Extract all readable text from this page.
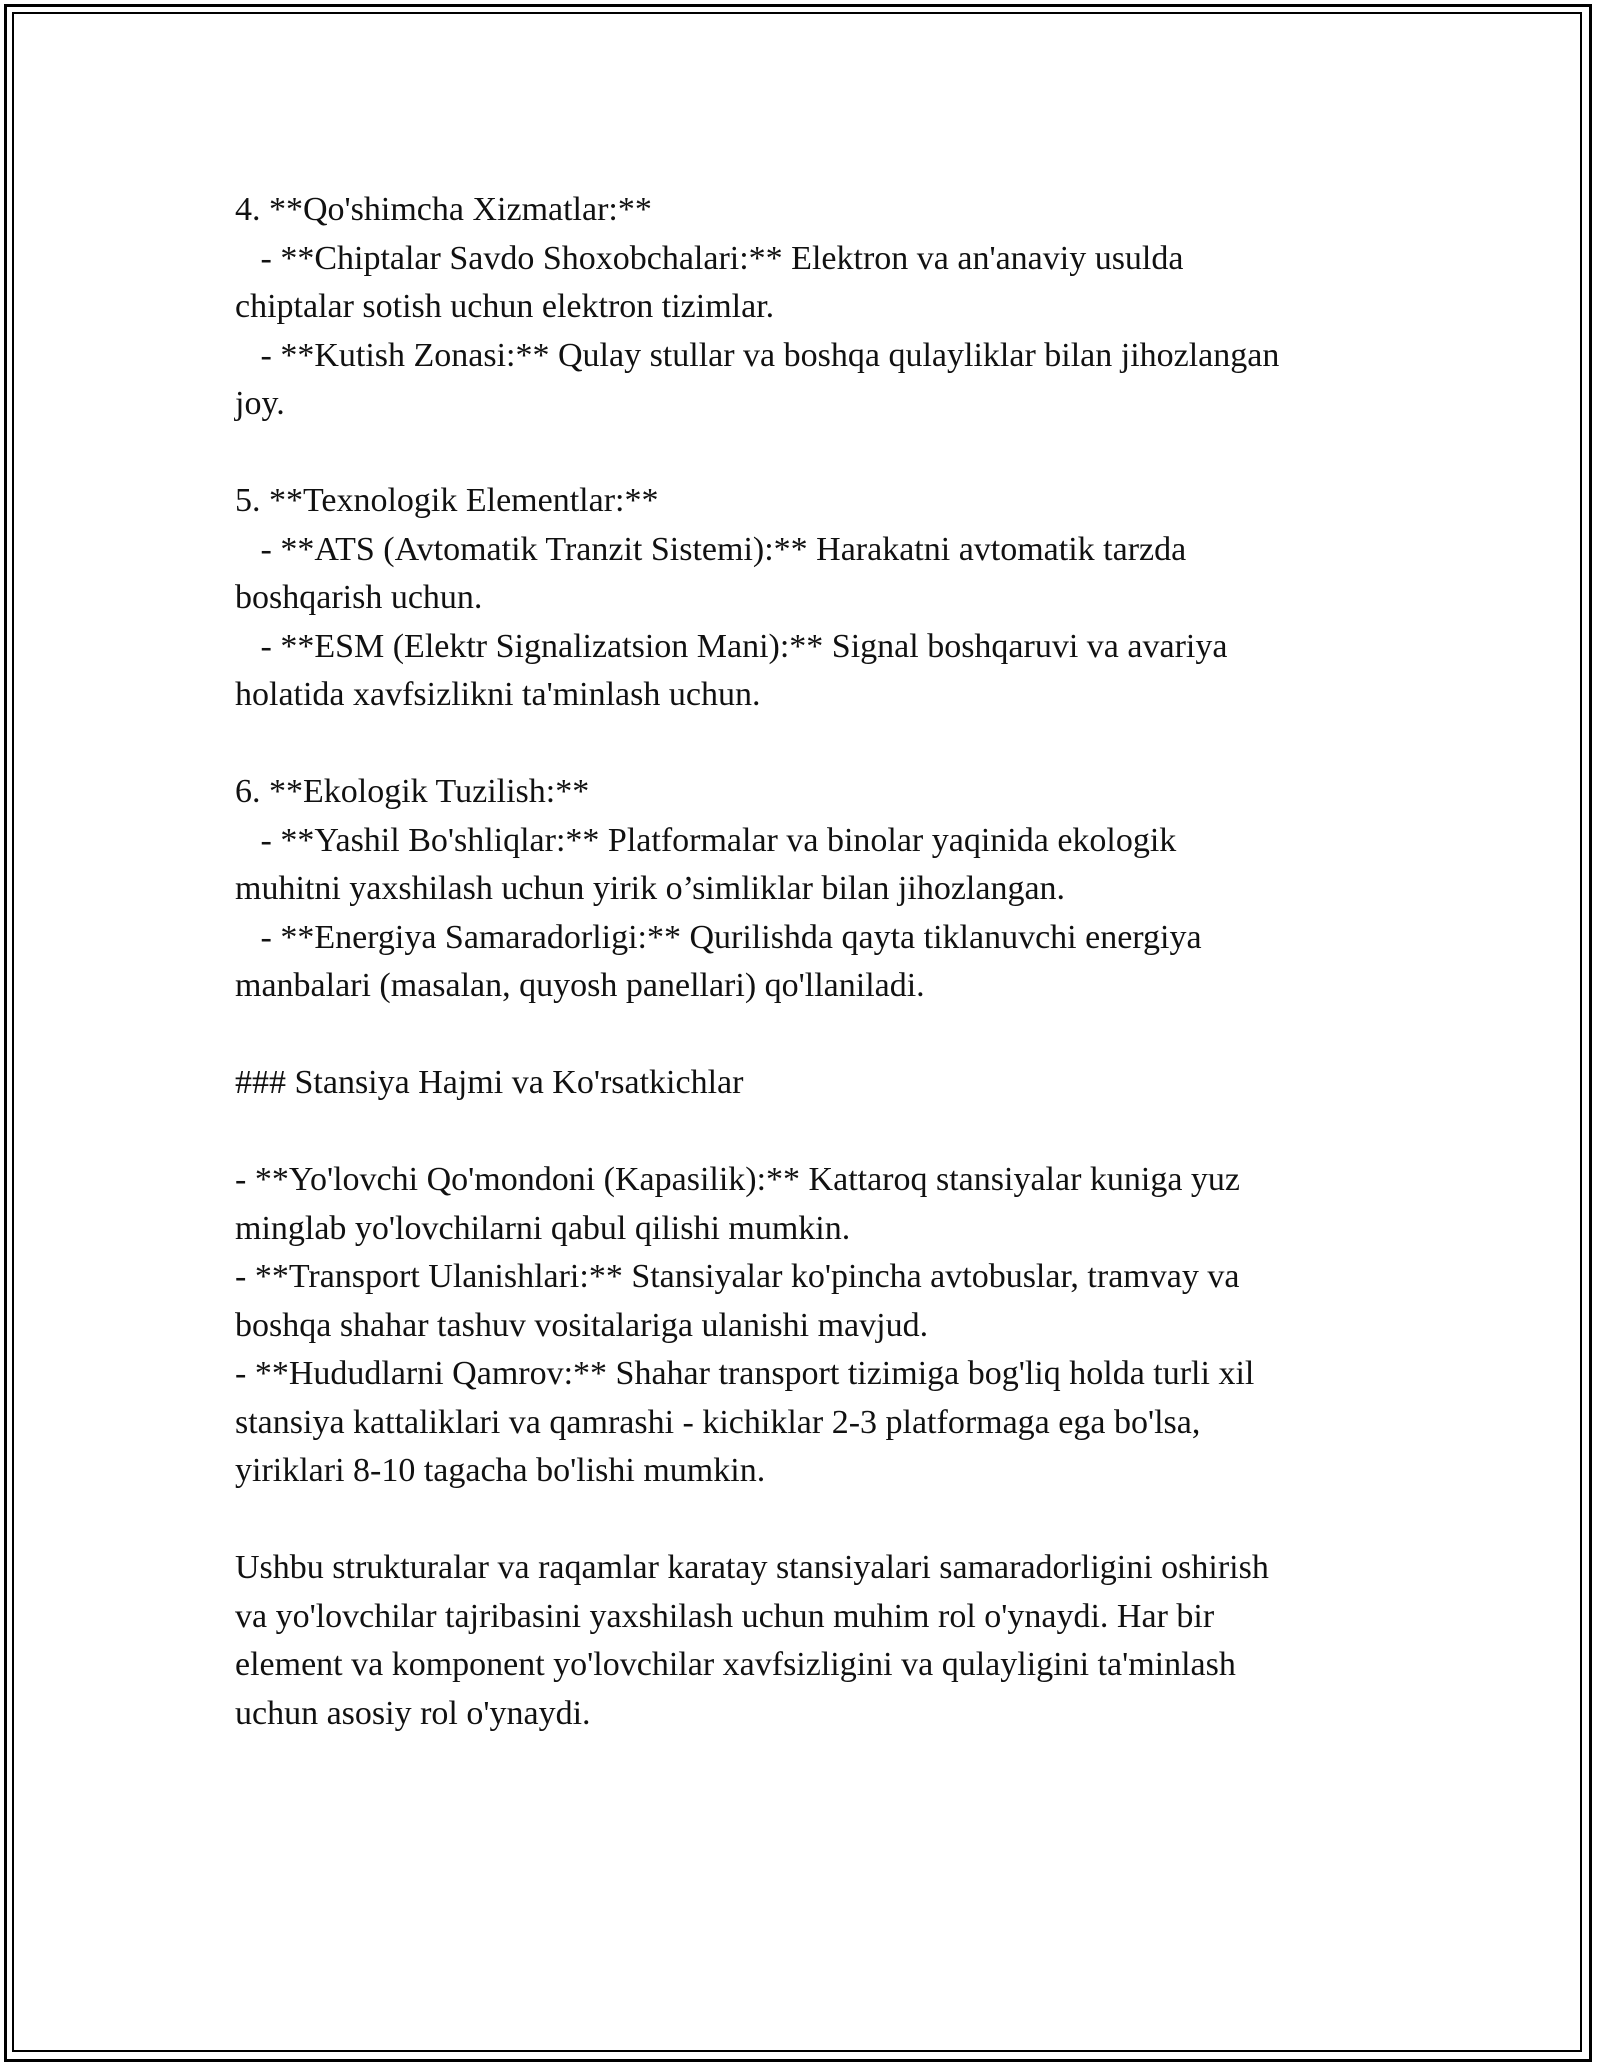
4. **Qo'shimcha Xizmatlar:**

- **Chiptalar Savdo Shoxobchalari:** Elektron va an'anaviy usulda

chiptalar sotish uchun elektron tizimlar.

- **Kutish Zonasi:** Qulay stullar va boshqa qulayliklar bilan jihozlangan

joy.

5. **Texnologik Elementlar:**

- **ATS (Avtomatik Tranzit Sistemi):** Harakatni avtomatik tarzda

boshqarish uchun.

- **ESM (Elektr Signalizatsion Mani):** Signal boshqaruvi va avariya

holatida xavfsizlikni ta'minlash uchun.

6. **Ekologik Tuzilish:**

- **Yashil Bo'shliqlar:** Platformalar va binolar yaqinida ekologik

muhitni yaxshilash uchun yirik o’simliklar bilan jihozlangan.

- **Energiya Samaradorligi:** Qurilishda qayta tiklanuvchi energiya

manbalari (masalan, quyosh panellari) qo'llaniladi.

### Stansiya Hajmi va Ko'rsatkichlar

- **Yo'lovchi Qo'mondoni (Kapasilik):** Kattaroq stansiyalar kuniga yuz

minglab yo'lovchilarni qabul qilishi mumkin.

- **Transport Ulanishlari:** Stansiyalar ko'pincha avtobuslar, tramvay va

boshqa shahar tashuv vositalariga ulanishi mavjud.

- **Hududlarni Qamrov:** Shahar transport tizimiga bog'liq holda turli xil

stansiya kattaliklari va qamrashi - kichiklar 2-3 platformaga ega bo'lsa,

yiriklari 8-10 tagacha bo'lishi mumkin.

Ushbu strukturalar va raqamlar karatay stansiyalari samaradorligini oshirish

va yo'lovchilar tajribasini yaxshilash uchun muhim rol o'ynaydi. Har bir

element va komponent yo'lovchilar xavfsizligini va qulayligini ta'minlash

uchun asosiy rol o'ynaydi.
